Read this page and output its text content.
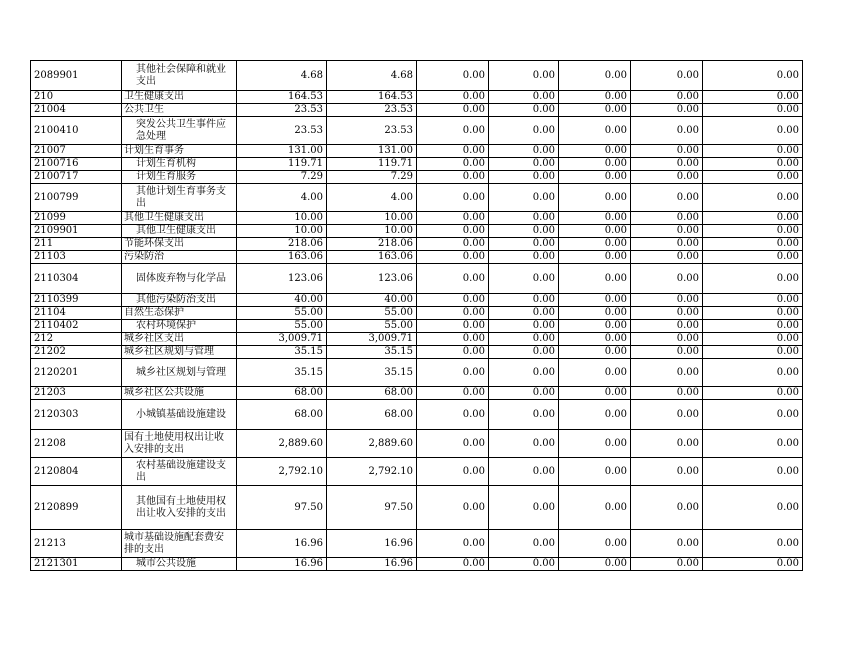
2089901	其他社会保障和就业支出	4.68	4.68	0.00	0.00	0.00	0.00	0.00
210	卫生健康支出	164.53	164.53	0.00	0.00	0.00	0.00	0.00
21004	公共卫生	23.53	23.53	0.00	0.00	0.00	0.00	0.00
2100410	突发公共卫生事件应急处理	23.53	23.53	0.00	0.00	0.00	0.00	0.00
21007	计划生育事务	131.00	131.00	0.00	0.00	0.00	0.00	0.00
2100716	计划生育机构	119.71	119.71	0.00	0.00	0.00	0.00	0.00
2100717	计划生育服务	7.29	7.29	0.00	0.00	0.00	0.00	0.00
2100799	其他计划生育事务支出	4.00	4.00	0.00	0.00	0.00	0.00	0.00
21099	其他卫生健康支出	10.00	10.00	0.00	0.00	0.00	0.00	0.00
2109901	其他卫生健康支出	10.00	10.00	0.00	0.00	0.00	0.00	0.00
211	节能环保支出	218.06	218.06	0.00	0.00	0.00	0.00	0.00
21103	污染防治	163.06	163.06	0.00	0.00	0.00	0.00	0.00
2110304	固体废弃物与化学品	123.06	123.06	0.00	0.00	0.00	0.00	0.00
2110399	其他污染防治支出	40.00	40.00	0.00	0.00	0.00	0.00	0.00
21104	自然生态保护	55.00	55.00	0.00	0.00	0.00	0.00	0.00
2110402	农村环境保护	55.00	55.00	0.00	0.00	0.00	0.00	0.00
212	城乡社区支出	3,009.71	3,009.71	0.00	0.00	0.00	0.00	0.00
21202	城乡社区规划与管理	35.15	35.15	0.00	0.00	0.00	0.00	0.00
2120201	城乡社区规划与管理	35.15	35.15	0.00	0.00	0.00	0.00	0.00
21203	城乡社区公共设施	68.00	68.00	0.00	0.00	0.00	0.00	0.00
2120303	小城镇基础设施建设	68.00	68.00	0.00	0.00	0.00	0.00	0.00
21208	国有土地使用权出让收入安排的支出	2,889.60	2,889.60	0.00	0.00	0.00	0.00	0.00
2120804	农村基础设施建设支出	2,792.10	2,792.10	0.00	0.00	0.00	0.00	0.00
2120899	其他国有土地使用权出让收入安排的支出	97.50	97.50	0.00	0.00	0.00	0.00	0.00
21213	城市基础设施配套费安排的支出	16.96	16.96	0.00	0.00	0.00	0.00	0.00
2121301	城市公共设施	16.96	16.96	0.00	0.00	0.00	0.00	0.00
